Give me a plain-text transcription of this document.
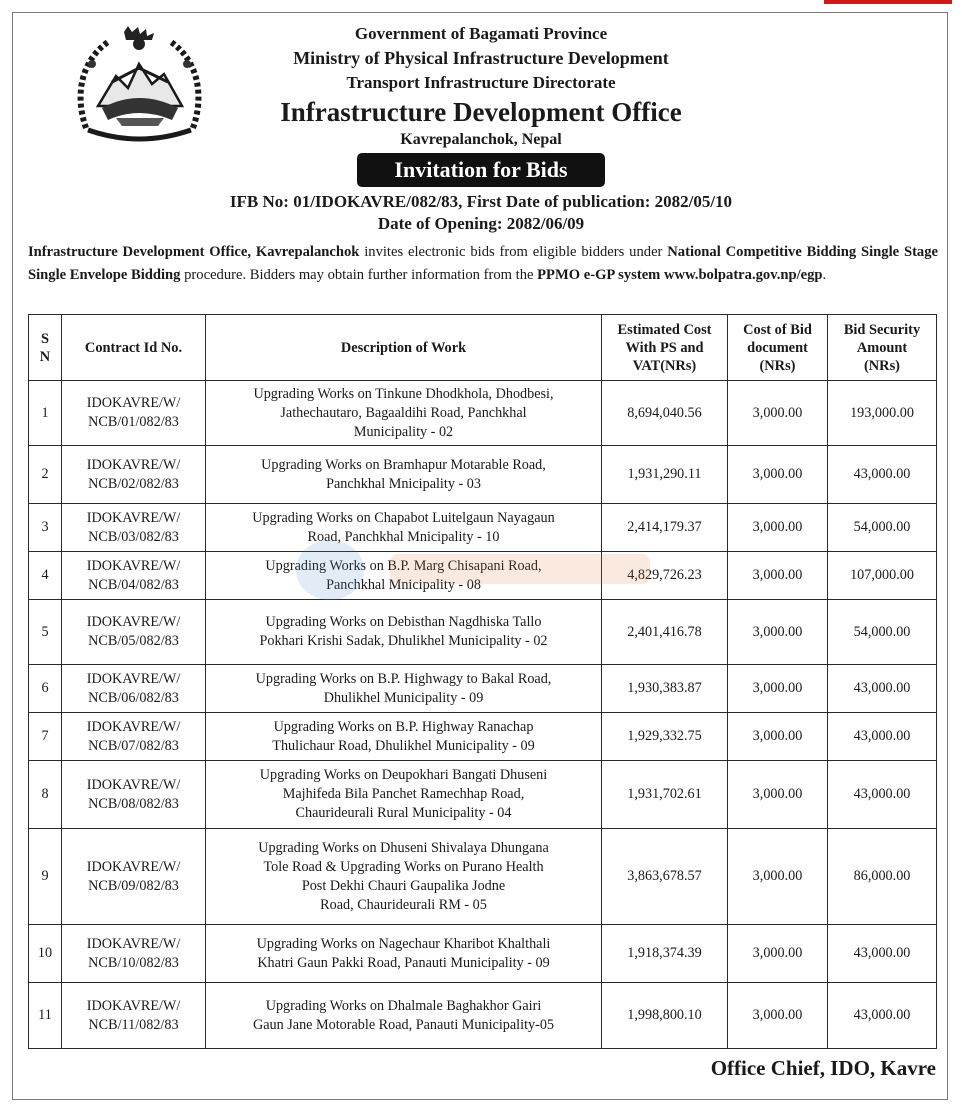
Government of Bagamati Province
Ministry of Physical Infrastructure Development
Transport Infrastructure Directorate
Infrastructure Development Office
Kavrepalanchok, Nepal
Invitation for Bids
IFB No: 01/IDOKAVRE/082/83, First Date of publication: 2082/05/10
Date of Opening: 2082/06/09
Infrastructure Development Office, Kavrepalanchok invites electronic bids from eligible bidders under National Competitive Bidding Single Stage Single Envelope Bidding procedure. Bidders may obtain further information from the PPMO e-GP system www.bolpatra.gov.np/egp.
S
N	Contract Id No.	Description of Work	Estimated Cost
With PS and
VAT(NRs)	Cost of Bid
document
(NRs)	Bid Security
Amount
(NRs)
1	IDOKAVRE/W/
NCB/01/082/83	Upgrading Works on Tinkune Dhodkhola, Dhodbesi,
Jathechautaro, Bagaaldihi Road, Panchkhal
Municipality - 02	8,694,040.56	3,000.00	193,000.00
2	IDOKAVRE/W/
NCB/02/082/83	Upgrading Works on Bramhapur Motarable Road,
Panchkhal Mnicipality - 03	1,931,290.11	3,000.00	43,000.00
3	IDOKAVRE/W/
NCB/03/082/83	Upgrading Works on Chapabot Luitelgaun Nayagaun
Road, Panchkhal Mnicipality - 10	2,414,179.37	3,000.00	54,000.00
4	IDOKAVRE/W/
NCB/04/082/83	Upgrading Works on B.P. Marg Chisapani Road,
Panchkhal Mnicipality - 08	4,829,726.23	3,000.00	107,000.00
5	IDOKAVRE/W/
NCB/05/082/83	Upgrading Works on Debisthan Nagdhiska Tallo
Pokhari Krishi Sadak, Dhulikhel Municipality - 02	2,401,416.78	3,000.00	54,000.00
6	IDOKAVRE/W/
NCB/06/082/83	Upgrading Works on B.P. Highwagy to Bakal Road,
Dhulikhel Municipality - 09	1,930,383.87	3,000.00	43,000.00
7	IDOKAVRE/W/
NCB/07/082/83	Upgrading Works on B.P. Highway Ranachap
Thulichaur Road, Dhulikhel Municipality - 09	1,929,332.75	3,000.00	43,000.00
8	IDOKAVRE/W/
NCB/08/082/83	Upgrading Works on Deupokhari Bangati Dhuseni
Majhifeda Bila Panchet Ramechhap Road,
Chaurideurali Rural Municipality - 04	1,931,702.61	3,000.00	43,000.00
9	IDOKAVRE/W/
NCB/09/082/83	Upgrading Works on Dhuseni Shivalaya Dhungana
Tole Road & Upgrading Works on Purano Health
Post Dekhi Chauri Gaupalika Jodne
Road, Chaurideurali RM - 05	3,863,678.57	3,000.00	86,000.00
10	IDOKAVRE/W/
NCB/10/082/83	Upgrading Works on Nagechaur Kharibot Khalthali
Khatri Gaun Pakki Road, Panauti Municipality - 09	1,918,374.39	3,000.00	43,000.00
11	IDOKAVRE/W/
NCB/11/082/83	Upgrading Works on Dhalmale Baghakhor Gairi
Gaun Jane Motorable Road, Panauti Municipality-05	1,998,800.10	3,000.00	43,000.00
Office Chief, IDO, Kavre
